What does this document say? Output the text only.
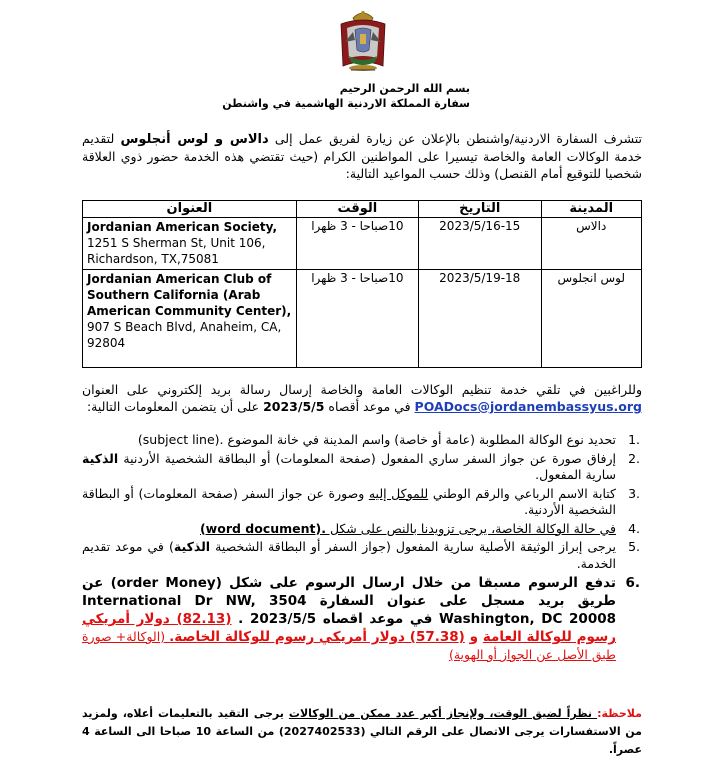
بسم الله الرحمن الرحيم
سفارة المملكة الاردنية الهاشمية في واشنطن
تتشرف السفارة الاردنية/واشنطن بالإعلان عن زيارة لفريق عمل إلى دالاس و لوس أنجلوس لتقديم خدمة الوكالات العامة والخاصة تيسيرا على المواطنين الكرام (حيث تقتضي هذه الخدمة حضور ذوي العلاقة شخصيا للتوقيع أمام القنصل) وذلك حسب المواعيد التالية:
المدينة	التاريخ	الوقت	العنوان
دالاس	2023/5/16-15	10صباحا - 3 ظهرا	Jordanian American Society,
1251 S Sherman St, Unit 106, Richardson, TX,75081
لوس انجلوس	2023/5/19-18	10صباحا - 3 ظهرا	Jordanian American Club of Southern California (Arab American Community Center),
907 S Beach Blvd, Anaheim, CA, 92804
وللراغبين في تلقي خدمة تنظيم الوكالات العامة والخاصة إرسال رسالة بريد إلكتروني على العنوان POADocs@jordanembassyus.org في موعد أقصاه 2023/5/5 على أن يتضمن المعلومات التالية:
1.
تحديد نوع الوكالة المطلوبة (عامة أو خاصة) واسم المدينة في خانة الموضوع (subject line).
2.
إرفاق صورة عن جواز السفر ساري المفعول (صفحة المعلومات) أو البطاقة الشخصية الأردنية الذكية سارية المفعول.
3.
كتابة الاسم الرباعي والرقم الوطني للموكل إليه وصورة عن جواز السفر (صفحة المعلومات) أو البطاقة الشخصية الأردنية.
4.
في حالة الوكالة الخاصة، يرجى تزويدنا بالنص على شكل (word document).
5.
يرجى إبراز الوثيقة الأصلية سارية المفعول (جواز السفر أو البطاقة الشخصية الذكية) في موعد تقديم الخدمة.
6.
تدفع الرسوم مسبقا من خلال ارسال الرسوم على شكل (order Money) عن طريق بريد مسجل على عنوان السفارة 3504 International Dr NW, Washington, DC 20008 في موعد اقصاه 2023/5/5 . (82.13) دولار أمريكي رسوم للوكالة العامة و (57.38) دولار أمريكي رسوم للوكالة الخاصة. (الوكالة+ صورة طبق الأصل عن الجواز أو الهوية)
ملاحظة: نظراً لضيق الوقت، ولإنجاز أكبر عدد ممكن من الوكالات يرجى التقيد بالتعليمات أعلاه، ولمزيد من الاستفسارات يرجى الاتصال على الرقم التالي (2027402533) من الساعة 10 صباحا الى الساعة 4 عصراً.
